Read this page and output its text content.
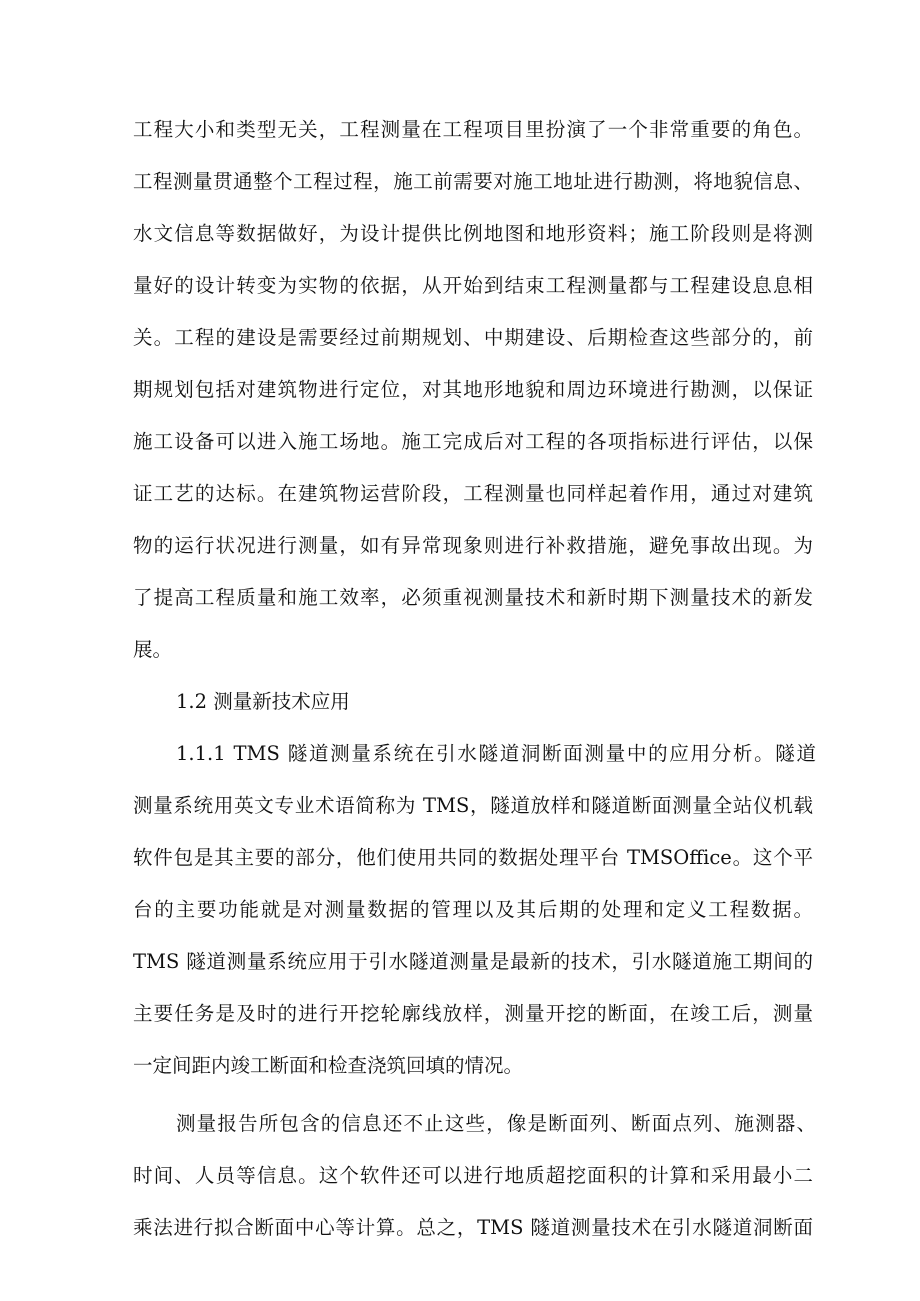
工程大小和类型无关，工程测量在工程项目里扮演了一个非常重要的角色。
工程测量贯通整个工程过程，施工前需要对施工地址进行勘测，将地貌信息、
水文信息等数据做好，为设计提供比例地图和地形资料；施工阶段则是将测
量好的设计转变为实物的依据，从开始到结束工程测量都与工程建设息息相
关。工程的建设是需要经过前期规划、中期建设、后期检查这些部分的，前
期规划包括对建筑物进行定位，对其地形地貌和周边环境进行勘测，以保证
施工设备可以进入施工场地。施工完成后对工程的各项指标进行评估，以保
证工艺的达标。在建筑物运营阶段，工程测量也同样起着作用，通过对建筑
物的运行状况进行测量，如有异常现象则进行补救措施，避免事故出现。为
了提高工程质量和施工效率，必须重视测量技术和新时期下测量技术的新发
展。
1.2 测量新技术应用
1.1.1 TMS 隧道测量系统在引水隧道洞断面测量中的应用分析。隧道
测量系统用英文专业术语简称为 TMS，隧道放样和隧道断面测量全站仪机载
软件包是其主要的部分，他们使用共同的数据处理平台 TMSOffice。这个平
台的主要功能就是对测量数据的管理以及其后期的处理和定义工程数据。
TMS 隧道测量系统应用于引水隧道测量是最新的技术，引水隧道施工期间的
主要任务是及时的进行开挖轮廓线放样，测量开挖的断面，在竣工后，测量
一定间距内竣工断面和检查浇筑回填的情况。
测量报告所包含的信息还不止这些，像是断面列、断面点列、施测器、
时间、人员等信息。这个软件还可以进行地质超挖面积的计算和采用最小二
乘法进行拟合断面中心等计算。总之，TMS 隧道测量技术在引水隧道洞断面
